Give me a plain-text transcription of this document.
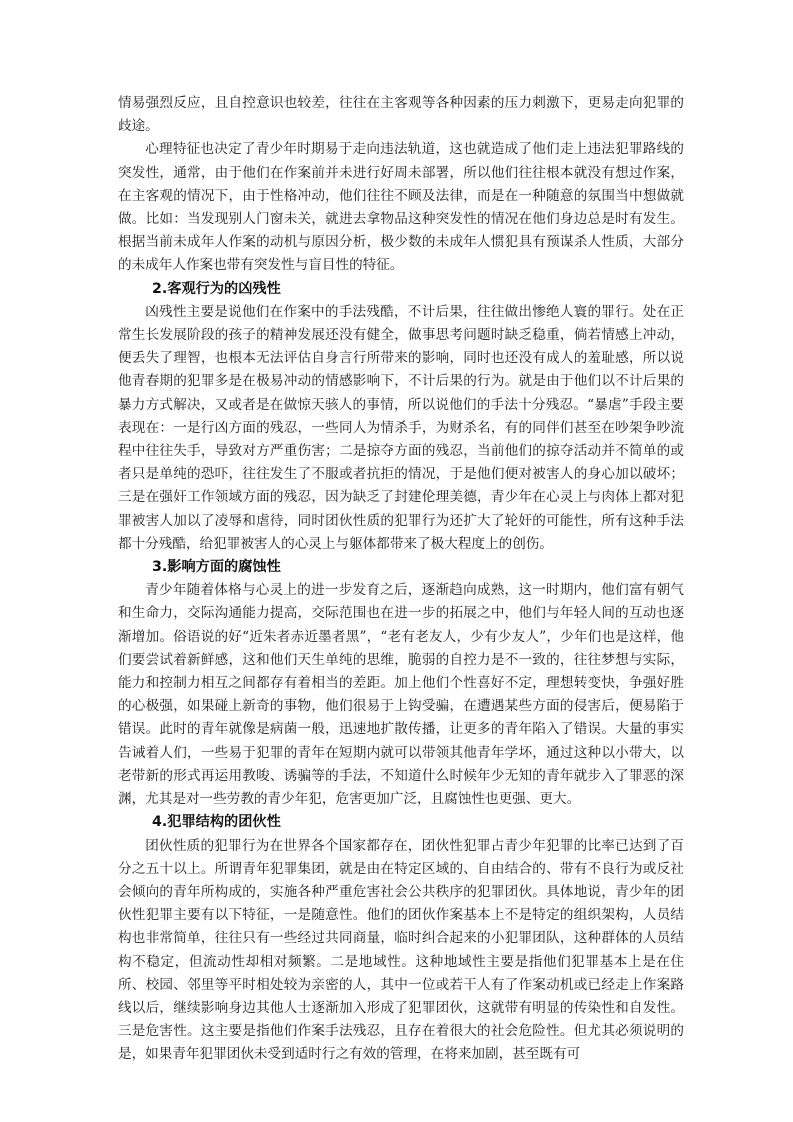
情易强烈反应，且自控意识也较差，往往在主客观等各种因素的压力刺激下，更易走向犯罪的歧途。

心理特征也决定了青少年时期易于走向违法轨道，这也就造成了他们走上违法犯罪路线的突发性，通常，由于他们在作案前并未进行好周未部署，所以他们往往根本就没有想过作案，在主客观的情况下，由于性格冲动，他们往往不顾及法律，而是在一种随意的氛围当中想做就做。比如：当发现别人门窗未关，就进去拿物品这种突发性的情况在他们身边总是时有发生。根据当前未成年人作案的动机与原因分析，极少数的未成年人惯犯具有预谋杀人性质，大部分的未成年人作案也带有突发性与盲目性的特征。

2.客观行为的凶残性

凶残性主要是说他们在作案中的手法残酷，不计后果，往往做出惨绝人寰的罪行。处在正常生长发展阶段的孩子的精神发展还没有健全，做事思考问题时缺乏稳重，倘若情感上冲动，便丢失了理智，也根本无法评估自身言行所带来的影响，同时也还没有成人的羞耻感，所以说他青春期的犯罪多是在极易冲动的情感影响下，不计后果的行为。就是由于他们以不计后果的暴力方式解决，又或者是在做惊天骇人的事情，所以说他们的手法十分残忍。“暴虐”手段主要表现在：一是行凶方面的残忍，一些同人为情杀手，为财杀名，有的同伴们甚至在吵架争吵流程中往往失手，导致对方严重伤害；二是掠夺方面的残忍，当前他们的掠夺活动并不简单的或者只是单纯的恐吓，往往发生了不服或者抗拒的情况，于是他们便对被害人的身心加以破坏；三是在强奸工作领域方面的残忍，因为缺乏了封建伦理美德，青少年在心灵上与肉体上都对犯罪被害人加以了凌辱和虐待，同时团伙性质的犯罪行为还扩大了轮奸的可能性，所有这种手法都十分残酷，给犯罪被害人的心灵上与躯体都带来了极大程度上的创伤。

3.影响方面的腐蚀性

青少年随着体格与心灵上的进一步发育之后，逐渐趋向成熟，这一时期内，他们富有朝气和生命力，交际沟通能力提高，交际范围也在进一步的拓展之中，他们与年轻人间的互动也逐渐增加。俗语说的好“近朱者赤近墨者黑”，“老有老友人，少有少友人”，少年们也是这样，他们要尝试着新鲜感，这和他们天生单纯的思维，脆弱的自控力是不一致的，往往梦想与实际，能力和控制力相互之间都存有着相当的差距。加上他们个性喜好不定，理想转变快，争强好胜的心极强，如果碰上新奇的事物，他们很易于上钩受骗，在遭遇某些方面的侵害后，便易陷于错误。此时的青年就像是病菌一般，迅速地扩散传播，让更多的青年陷入了错误。大量的事实告诫着人们，一些易于犯罪的青年在短期内就可以带领其他青年学坏，通过这种以小带大，以老带新的形式再运用教唆、诱骗等的手法，不知道什么时候年少无知的青年就步入了罪恶的深渊，尤其是对一些劳教的青少年犯，危害更加广泛，且腐蚀性也更强、更大。

4.犯罪结构的团伙性

团伙性质的犯罪行为在世界各个国家都存在，团伙性犯罪占青少年犯罪的比率已达到了百分之五十以上。所谓青年犯罪集团，就是由在特定区域的、自由结合的、带有不良行为或反社会倾向的青年所构成的，实施各种严重危害社会公共秩序的犯罪团伙。具体地说，青少年的团伙性犯罪主要有以下特征，一是随意性。他们的团伙作案基本上不是特定的组织架构，人员结构也非常简单，往往只有一些经过共同商量，临时纠合起来的小犯罪团队，这种群体的人员结构不稳定，但流动性却相对频繁。二是地域性。这种地域性主要是指他们犯罪基本上是在住所、校园、邻里等平时相处较为亲密的人，其中一位或若干人有了作案动机或已经走上作案路线以后，继续影响身边其他人士逐渐加入形成了犯罪团伙，这就带有明显的传染性和自发性。三是危害性。这主要是指他们作案手法残忍，且存在着很大的社会危险性。但尤其必须说明的是，如果青年犯罪团伙未受到适时行之有效的管理，在将来加剧，甚至既有可
